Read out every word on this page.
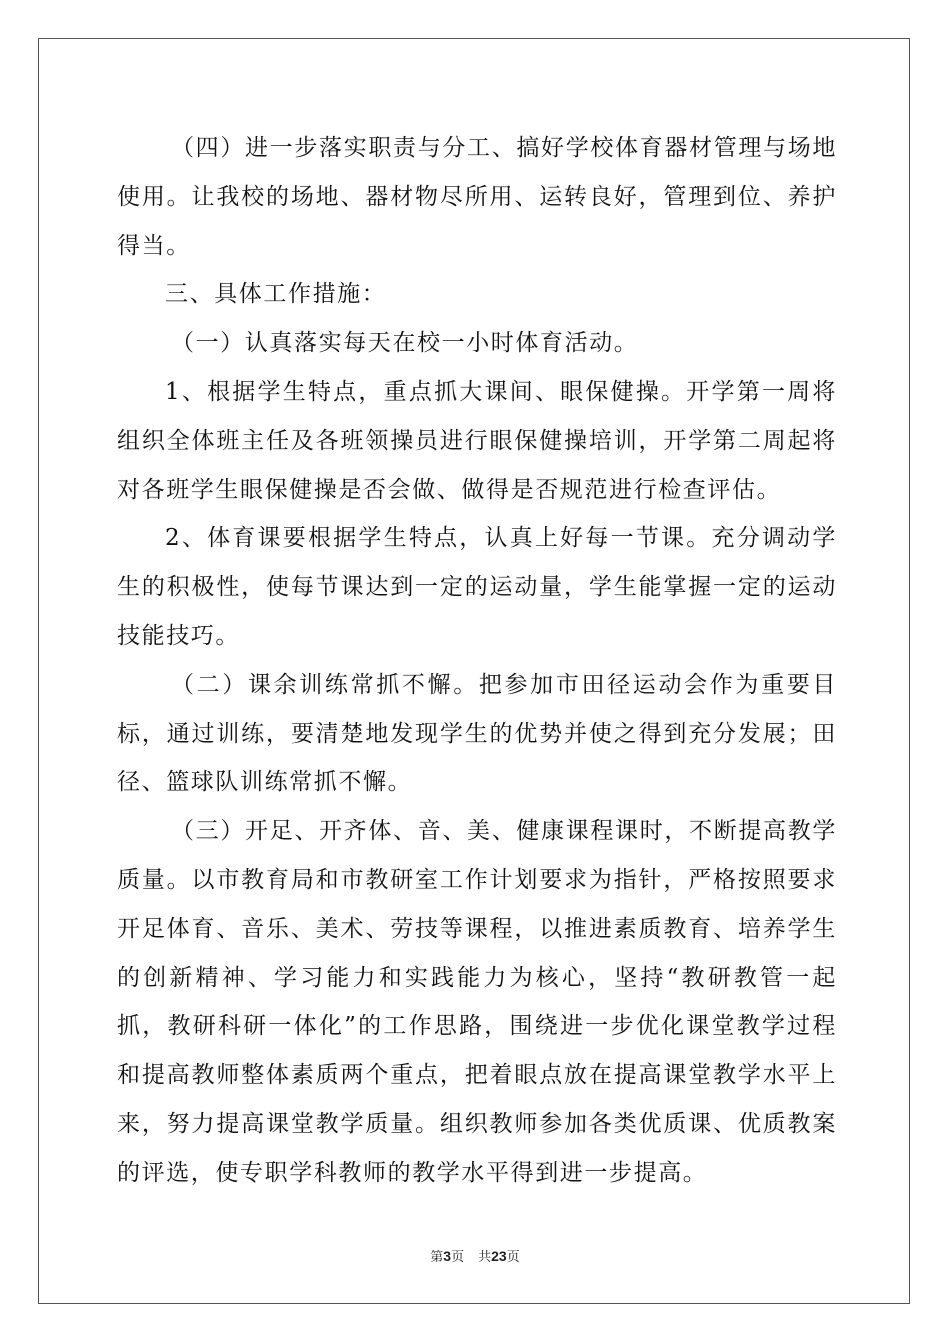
（四）进一步落实职责与分工、搞好学校体育器材管理与场地使用。让我校的场地、器材物尽所用、运转良好，管理到位、养护得当。

三、具体工作措施：

（一）认真落实每天在校一小时体育活动。

1、根据学生特点，重点抓大课间、眼保健操。开学第一周将组织全体班主任及各班领操员进行眼保健操培训，开学第二周起将对各班学生眼保健操是否会做、做得是否规范进行检查评估。

2、体育课要根据学生特点，认真上好每一节课。充分调动学生的积极性，使每节课达到一定的运动量，学生能掌握一定的运动技能技巧。

（二）课余训练常抓不懈。把参加市田径运动会作为重要目标，通过训练，要清楚地发现学生的优势并使之得到充分发展；田径、篮球队训练常抓不懈。

（三）开足、开齐体、音、美、健康课程课时，不断提高教学质量。以市教育局和市教研室工作计划要求为指针，严格按照要求开足体育、音乐、美术、劳技等课程，以推进素质教育、培养学生的创新精神、学习能力和实践能力为核心，坚持“教研教管一起抓，教研科研一体化”的工作思路，围绕进一步优化课堂教学过程和提高教师整体素质两个重点，把着眼点放在提高课堂教学水平上来，努力提高课堂教学质量。组织教师参加各类优质课、优质教案的评选，使专职学科教师的教学水平得到进一步提高。

第3页 共23页
